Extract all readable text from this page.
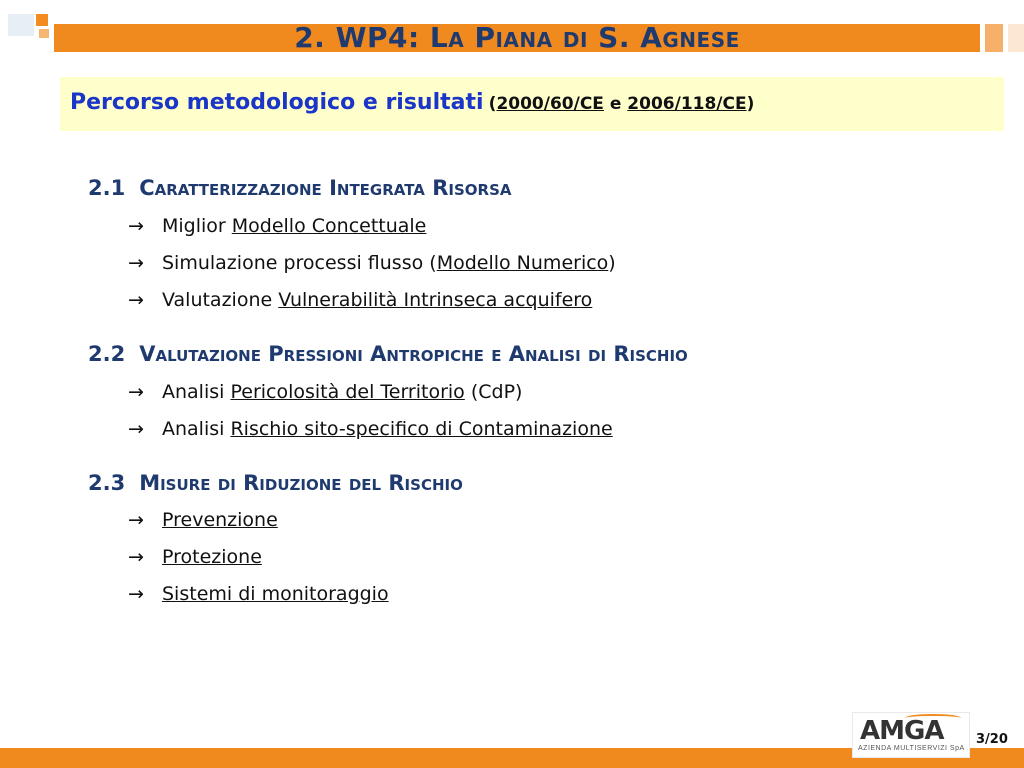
2. WP4: La Piana di S. Agnese
Percorso metodologico e risultati (2000/60/CE e 2006/118/CE)
2.1 Caratterizzazione Integrata Risorsa
→ Miglior Modello Concettuale
→ Simulazione processi flusso (Modello Numerico)
→ Valutazione Vulnerabilità Intrinseca acquifero
2.2 Valutazione Pressioni Antropiche e Analisi di Rischio
→ Analisi Pericolosità del Territorio (CdP)
→ Analisi Rischio sito-specifico di Contaminazione
2.3 Misure di Riduzione del Rischio
→ Prevenzione
→ Protezione
→ Sistemi di monitoraggio
AMGA
AZIENDA MULTISERVIZI SpA
3/20
